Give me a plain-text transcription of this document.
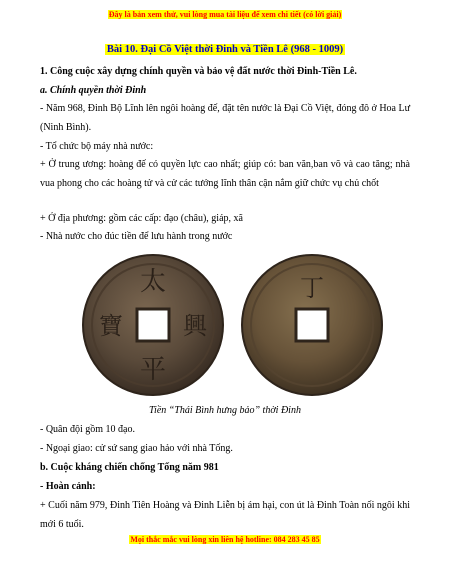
Đây là bản xem thử, vui lòng mua tài liệu để xem chi tiết (có lời giải)
Bài 10. Đại Cồ Việt thời Đinh và Tiền Lê (968 - 1009)
1. Công cuộc xây dựng chính quyền và bảo vệ đất nước thời Đinh-Tiền Lê.
a. Chính quyền thời Đinh
- Năm 968, Đinh Bộ Lĩnh lên ngôi hoàng đế, đặt tên nước là Đại Cồ Việt, đóng đô ở Hoa Lư (Ninh Bình).
- Tổ chức bộ máy nhà nước:
+ Ở trung ương: hoàng đế có quyền lực cao nhất; giúp có: ban văn,ban võ và cao tăng; nhà vua phong cho các hoàng tử và cử các tướng lĩnh thân cận nắm giữ chức vụ chủ chốt
+ Ở địa phương: gồm các cấp: đạo (châu), giáp, xã
- Nhà nước cho đúc tiền để lưu hành trong nước
太
興
平
寶
丁
Tiền “Thái Bình hưng bảo” thời Đinh
- Quân đội gồm 10 đạo.
- Ngoại giao: cử sứ sang giao hảo với nhà Tống.
b. Cuộc kháng chiến chống Tống năm 981
- Hoàn cảnh:
+ Cuối năm 979, Đinh Tiên Hoàng và Đinh Liễn bị ám hại, con út là Đinh Toàn nối ngôi khi mới 6 tuổi.
Mọi thắc mắc vui lòng xin liên hệ hotline: 084 283 45 85
